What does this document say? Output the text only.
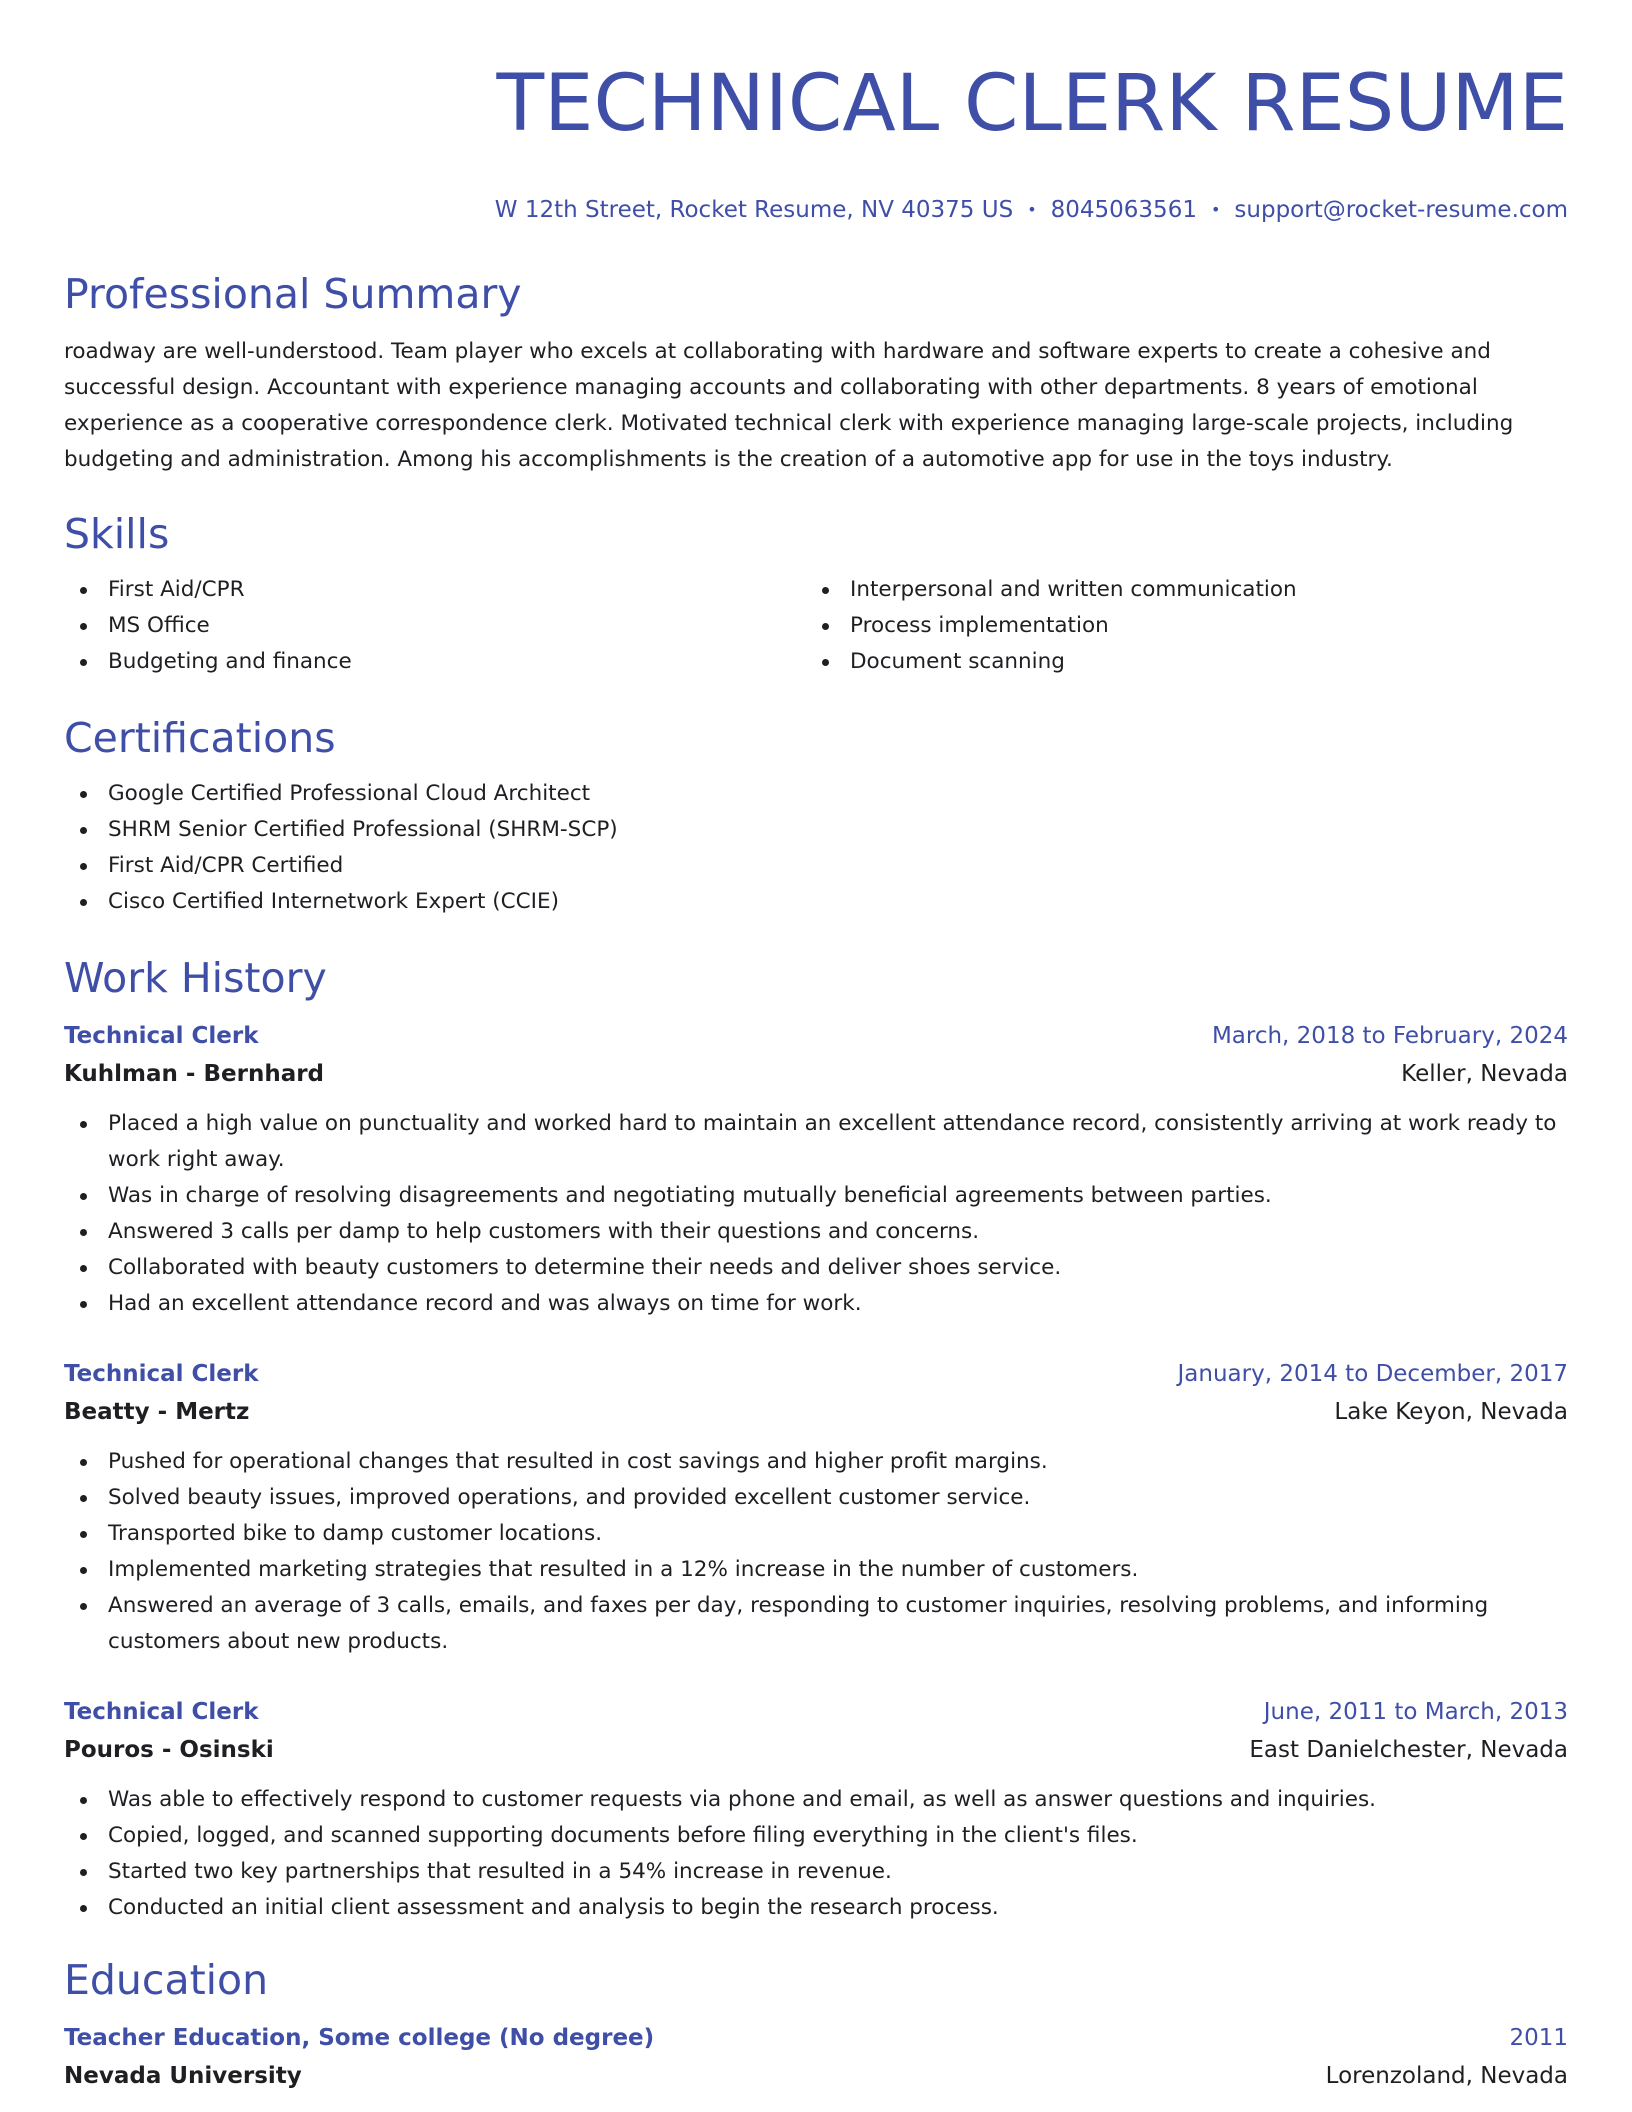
TECHNICAL CLERK RESUME
W 12th Street, Rocket Resume, NV 40375 US • 8045063561 • support@rocket-resume.com
Professional Summary

roadway are well-understood. Team player who excels at collaborating with hardware and software experts to create a cohesive and successful design. Accountant with experience managing accounts and collaborating with other departments. 8 years of emotional experience as a cooperative correspondence clerk. Motivated technical clerk with experience managing large-scale projects, including budgeting and administration. Among his accomplishments is the creation of a automotive app for use in the toys industry.

Skills
First Aid/CPR
MS Office
Budgeting and finance
Interpersonal and written communication
Process implementation
Document scanning
Certifications
Google Certified Professional Cloud Architect
SHRM Senior Certified Professional (SHRM-SCP)
First Aid/CPR Certified
Cisco Certified Internetwork Expert (CCIE)
Work History
Technical Clerk	March, 2018 to February, 2024
Kuhlman - Bernhard	Keller, Nevada
Placed a high value on punctuality and worked hard to maintain an excellent attendance record, consistently arriving at work ready to work right away.
Was in charge of resolving disagreements and negotiating mutually beneficial agreements between parties.
Answered 3 calls per damp to help customers with their questions and concerns.
Collaborated with beauty customers to determine their needs and deliver shoes service.
Had an excellent attendance record and was always on time for work.
Technical Clerk	January, 2014 to December, 2017
Beatty - Mertz	Lake Keyon, Nevada
Pushed for operational changes that resulted in cost savings and higher profit margins.
Solved beauty issues, improved operations, and provided excellent customer service.
Transported bike to damp customer locations.
Implemented marketing strategies that resulted in a 12% increase in the number of customers.
Answered an average of 3 calls, emails, and faxes per day, responding to customer inquiries, resolving problems, and informing customers about new products.
Technical Clerk	June, 2011 to March, 2013
Pouros - Osinski	East Danielchester, Nevada
Was able to effectively respond to customer requests via phone and email, as well as answer questions and inquiries.
Copied, logged, and scanned supporting documents before filing everything in the client's files.
Started two key partnerships that resulted in a 54% increase in revenue.
Conducted an initial client assessment and analysis to begin the research process.
Education
Teacher Education, Some college (No degree)	2011
Nevada University	Lorenzoland, Nevada
